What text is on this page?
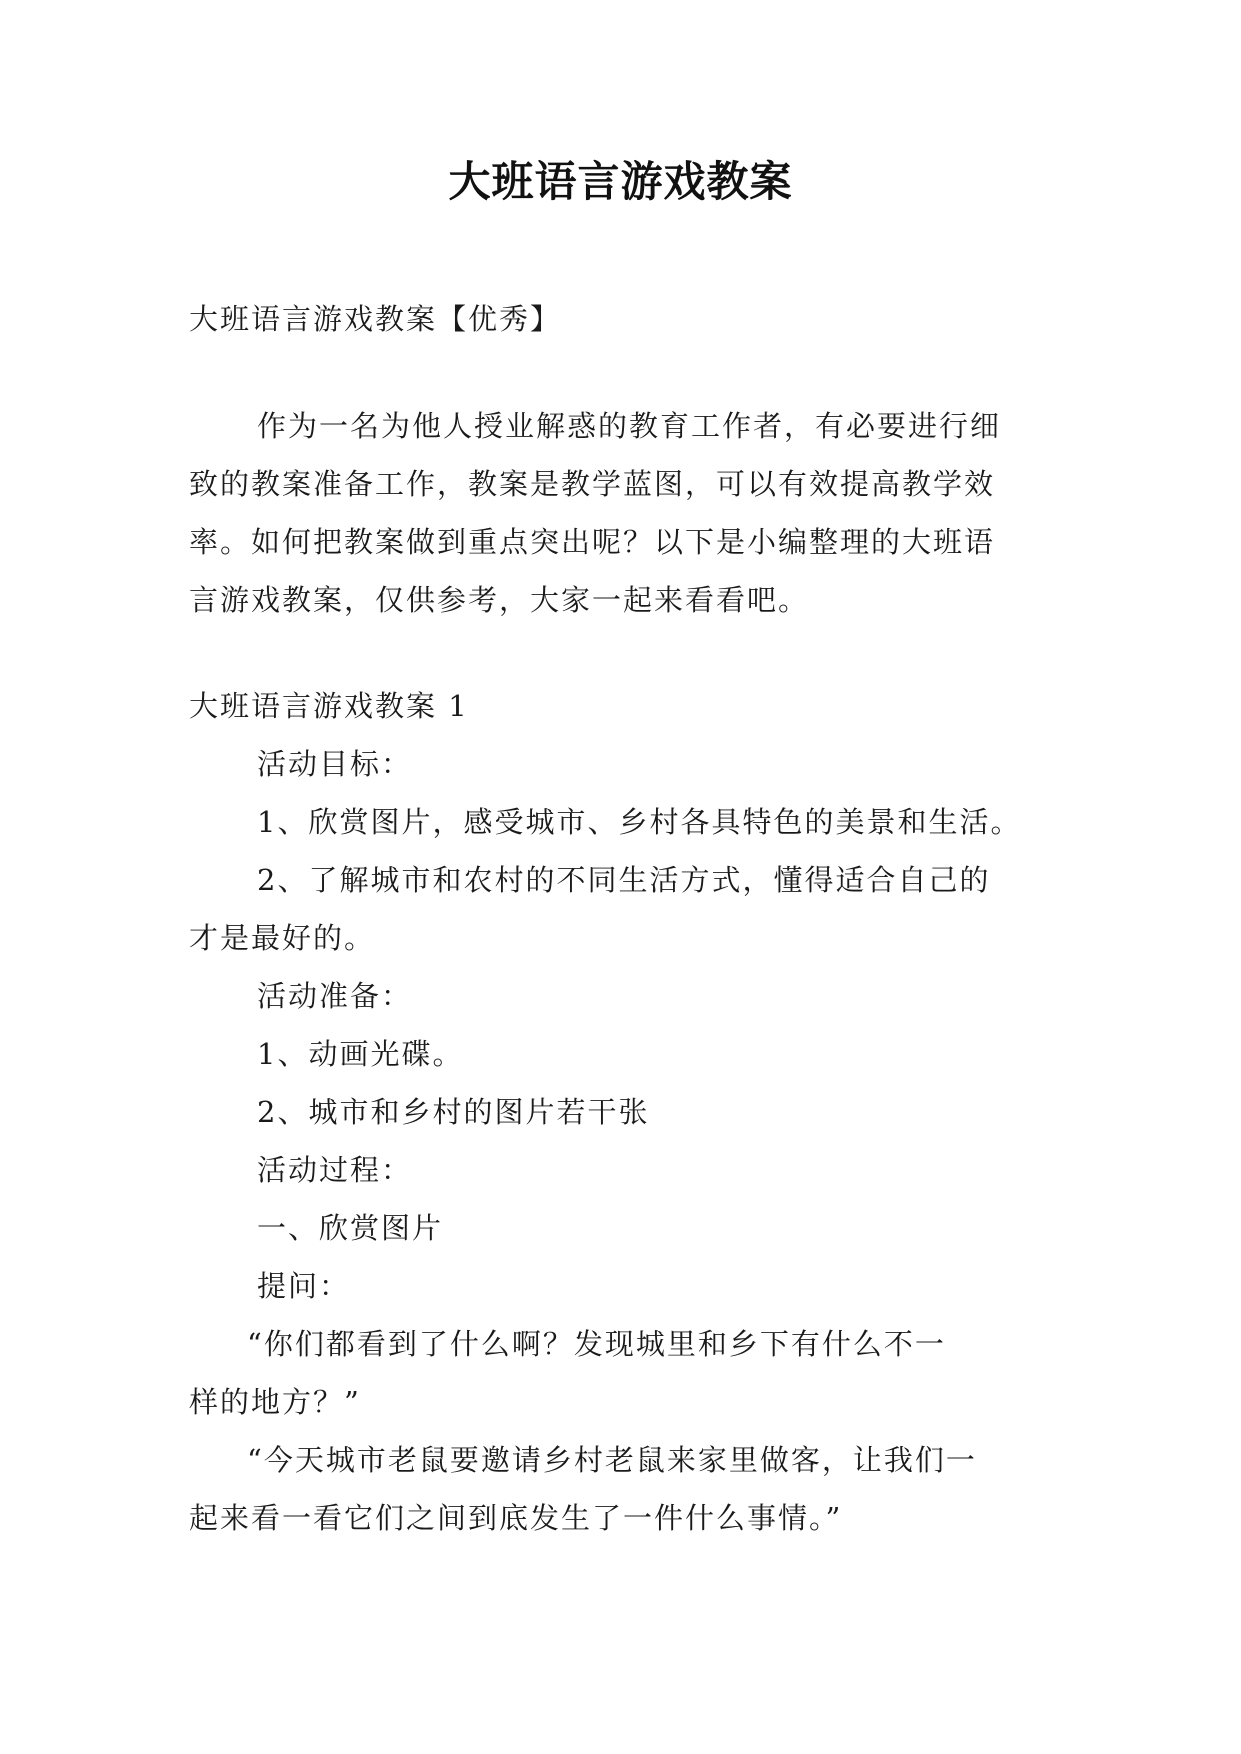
大班语言游戏教案
大班语言游戏教案【优秀】
作为一名为他人授业解惑的教育工作者，有必要进行细
致的教案准备工作，教案是教学蓝图，可以有效提高教学效
率。如何把教案做到重点突出呢？以下是小编整理的大班语
言游戏教案，仅供参考，大家一起来看看吧。
大班语言游戏教案 1
活动目标：
1、欣赏图片，感受城市、乡村各具特色的美景和生活。
2、了解城市和农村的不同生活方式，懂得适合自己的
才是最好的。
活动准备：
1、动画光碟。
2、城市和乡村的图片若干张
活动过程：
一、欣赏图片
提问：
“你们都看到了什么啊？发现城里和乡下有什么不一
样的地方？”
“今天城市老鼠要邀请乡村老鼠来家里做客，让我们一
起来看一看它们之间到底发生了一件什么事情。”
